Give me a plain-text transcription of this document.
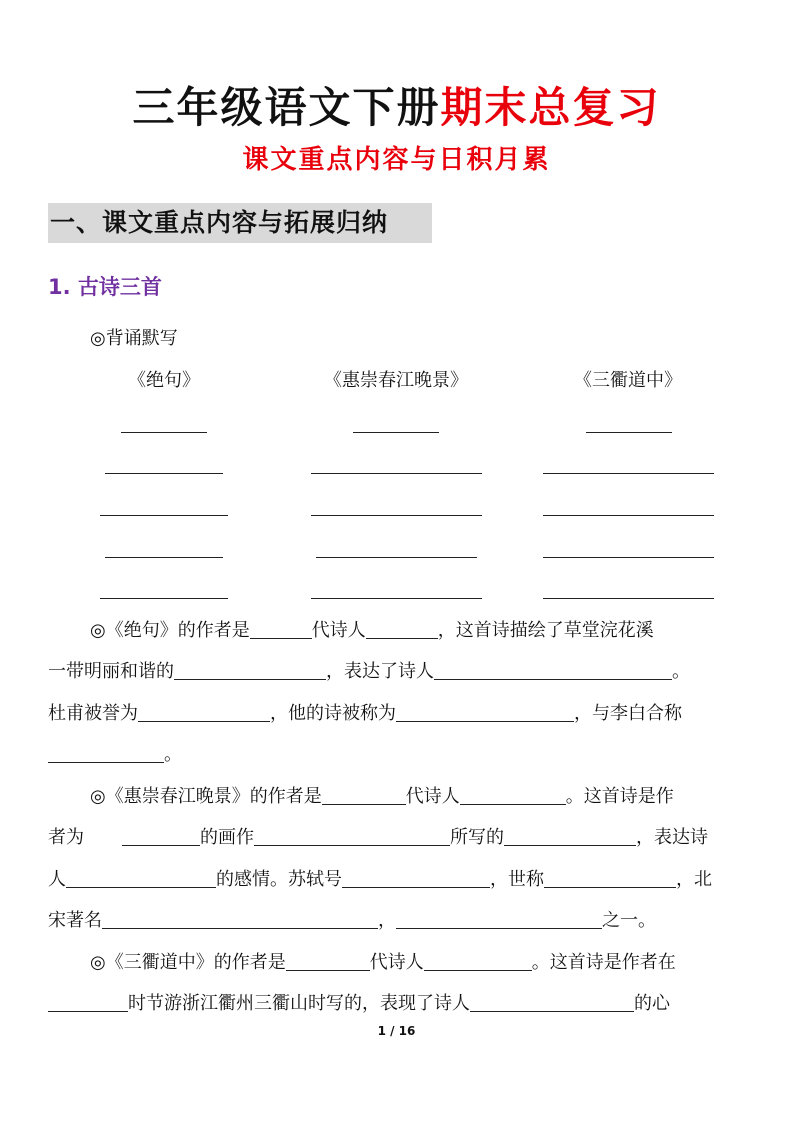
三年级语文下册期末总复习
课文重点内容与日积月累
一、课文重点内容与拓展归纳
1. 古诗三首
◎背诵默写
《绝句》	《惠崇春江晚景》	《三衢道中》
◎《绝句》的作者是	代诗人	，这首诗描绘了草堂浣花溪
一带明丽和谐的	，表达了诗人	。
杜甫被誉为	，他的诗被称为	，与李白合称
。
◎《惠崇春江晚景》的作者是	代诗人	。这首诗是作
者为	的画作	所写的	，表达诗
人	的感情。苏轼号	，世称	，北
宋著名	，	之一。
◎《三衢道中》的作者是	代诗人	。这首诗是作者在
时节游浙江衢州三衢山时写的，表现了诗人	的心
1 / 16
